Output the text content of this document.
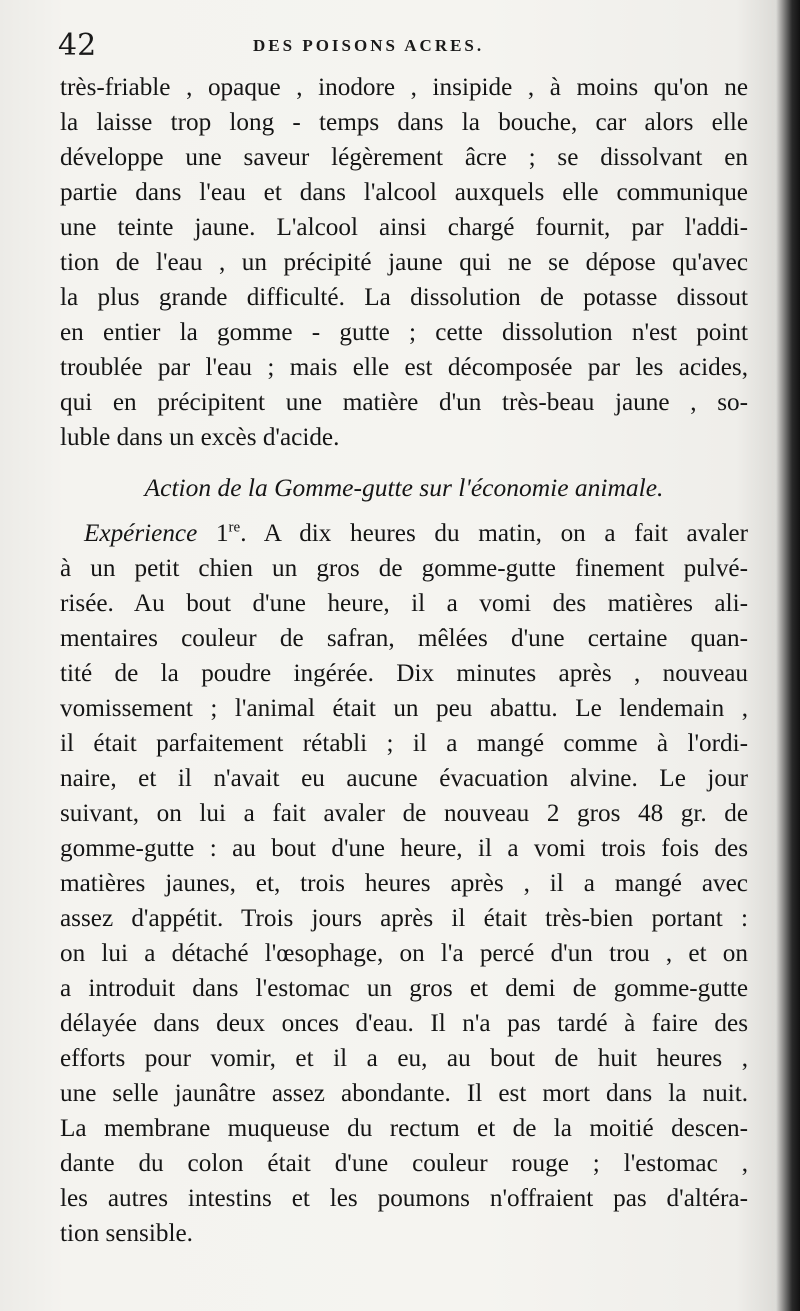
42	DES POISONS ACRES.
très-friable , opaque , inodore , insipide , à moins qu'on ne
la laisse trop long - temps dans la bouche, car alors elle
développe une saveur légèrement âcre ; se dissolvant en
partie dans l'eau et dans l'alcool auxquels elle communique
une teinte jaune. L'alcool ainsi chargé fournit, par l'addi-
tion de l'eau , un précipité jaune qui ne se dépose qu'avec
la plus grande difficulté. La dissolution de potasse dissout
en entier la gomme - gutte ; cette dissolution n'est point
troublée par l'eau ; mais elle est décomposée par les acides,
qui en précipitent une matière d'un très-beau jaune , so-
luble dans un excès d'acide.
Action de la Gomme-gutte sur l'économie animale.
Expérience 1re. A dix heures du matin, on a fait avaler
à un petit chien un gros de gomme-gutte finement pulvé-
risée. Au bout d'une heure, il a vomi des matières ali-
mentaires couleur de safran, mêlées d'une certaine quan-
tité de la poudre ingérée. Dix minutes après , nouveau
vomissement ; l'animal était un peu abattu. Le lendemain ,
il était parfaitement rétabli ; il a mangé comme à l'ordi-
naire, et il n'avait eu aucune évacuation alvine. Le jour
suivant, on lui a fait avaler de nouveau 2 gros 48 gr. de
gomme-gutte : au bout d'une heure, il a vomi trois fois des
matières jaunes, et, trois heures après , il a mangé avec
assez d'appétit. Trois jours après il était très-bien portant :
on lui a détaché l'œsophage, on l'a percé d'un trou , et on
a introduit dans l'estomac un gros et demi de gomme-gutte
délayée dans deux onces d'eau. Il n'a pas tardé à faire des
efforts pour vomir, et il a eu, au bout de huit heures ,
une selle jaunâtre assez abondante. Il est mort dans la nuit.
La membrane muqueuse du rectum et de la moitié descen-
dante du colon était d'une couleur rouge ; l'estomac ,
les autres intestins et les poumons n'offraient pas d'altéra-
tion sensible.
